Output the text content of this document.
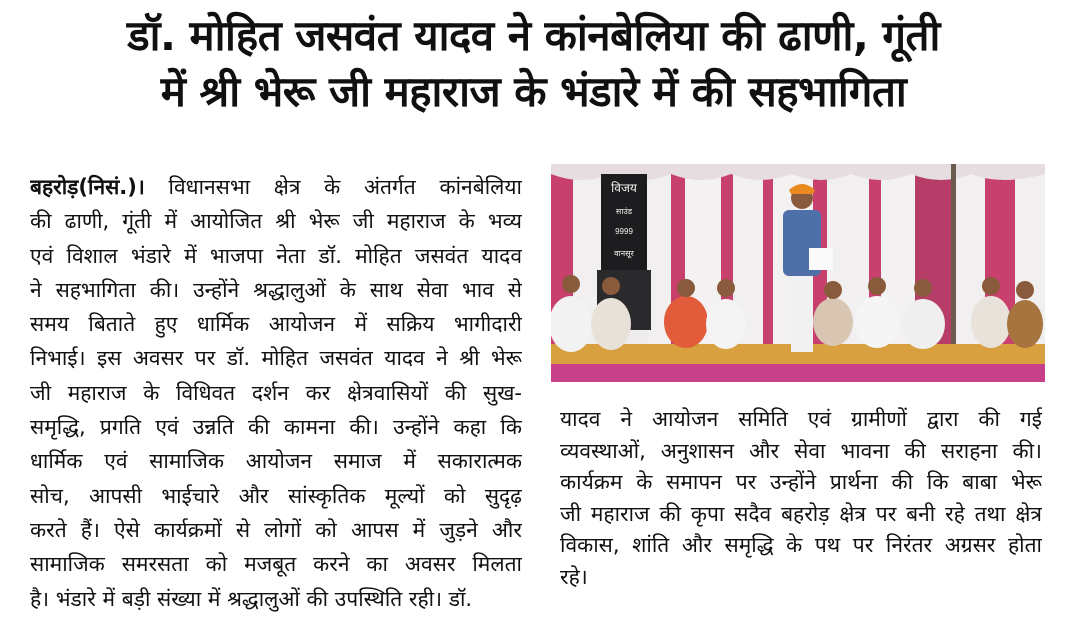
डॉ. मोहित जसवंत यादव ने कांनबेलिया की ढाणी, गूंती
में श्री भेरू जी महाराज के भंडारे में की सहभागिता
बहरोड़(निसं.)। विधानसभा क्षेत्र के अंतर्गत कांनबेलिया
की ढाणी, गूंती में आयोजित श्री भेरू जी महाराज के भव्य
एवं विशाल भंडारे में भाजपा नेता डॉ. मोहित जसवंत यादव
ने सहभागिता की। उन्होंने श्रद्धालुओं के साथ सेवा भाव से
समय बिताते हुए धार्मिक आयोजन में सक्रिय भागीदारी
निभाई। इस अवसर पर डॉ. मोहित जसवंत यादव ने श्री भेरू
जी महाराज के विधिवत दर्शन कर क्षेत्रवासियों की सुख-
समृद्धि, प्रगति एवं उन्नति की कामना की। उन्होंने कहा कि
धार्मिक एवं सामाजिक आयोजन समाज में सकारात्मक
सोच, आपसी भाईचारे और सांस्कृतिक मूल्यों को सुदृढ़
करते हैं। ऐसे कार्यक्रमों से लोगों को आपस में जुड़ने और
सामाजिक समरसता को मजबूत करने का अवसर मिलता
है। भंडारे में बड़ी संख्या में श्रद्धालुओं की उपस्थिति रही। डॉ.
विजय
साउंड
9999
वानसूर
यादव ने आयोजन समिति एवं ग्रामीणों द्वारा की गई
व्यवस्थाओं, अनुशासन और सेवा भावना की सराहना की।
कार्यक्रम के समापन पर उन्होंने प्रार्थना की कि बाबा भेरू
जी महाराज की कृपा सदैव बहरोड़ क्षेत्र पर बनी रहे तथा क्षेत्र
विकास, शांति और समृद्धि के पथ पर निरंतर अग्रसर होता
रहे।
